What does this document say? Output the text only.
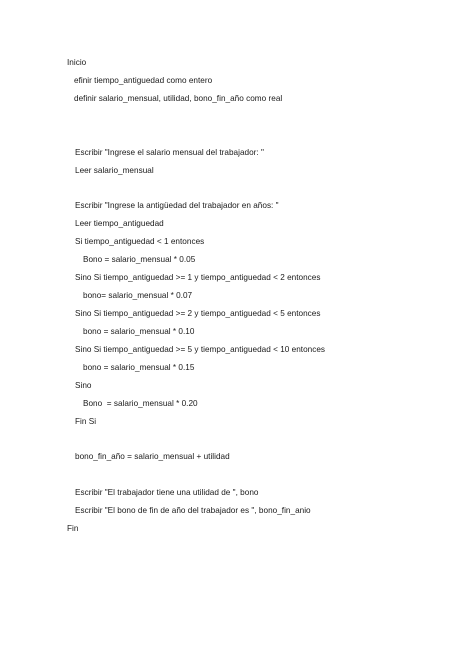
Inicio
efinir tiempo_antiguedad como entero
definir salario_mensual, utilidad, bono_fin_año como real
Escribir "Ingrese el salario mensual del trabajador: "
Leer salario_mensual
Escribir "Ingrese la antigüedad del trabajador en años: "
Leer tiempo_antiguedad
Si tiempo_antiguedad < 1 entonces
Bono = salario_mensual * 0.05
Sino Si tiempo_antiguedad >= 1 y tiempo_antiguedad < 2 entonces
bono= salario_mensual * 0.07
Sino Si tiempo_antiguedad >= 2 y tiempo_antiguedad < 5 entonces
bono = salario_mensual * 0.10
Sino Si tiempo_antiguedad >= 5 y tiempo_antiguedad < 10 entonces
bono = salario_mensual * 0.15
Sino
Bono  = salario_mensual * 0.20
Fin Si
bono_fin_año = salario_mensual + utilidad
Escribir "El trabajador tiene una utilidad de ", bono
Escribir "El bono de fin de año del trabajador es ", bono_fin_anio
Fin
